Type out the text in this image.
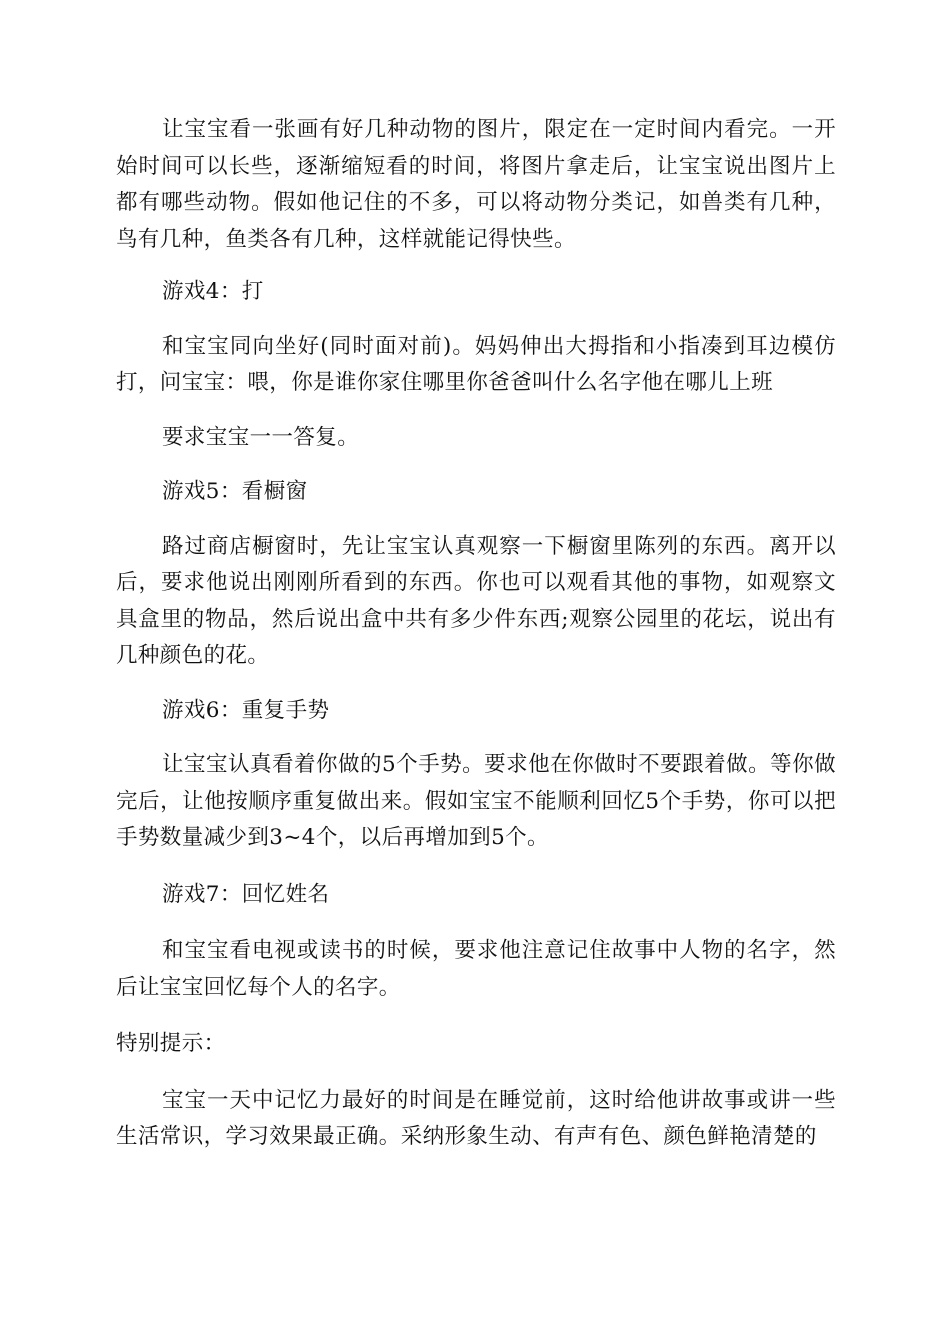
让宝宝看一张画有好几种动物的图片，限定在一定时间内看完。一开始时间可以长些，逐渐缩短看的时间，将图片拿走后，让宝宝说出图片上都有哪些动物。假如他记住的不多，可以将动物分类记，如兽类有几种，鸟有几种，鱼类各有几种，这样就能记得快些。

游戏4：打

和宝宝同向坐好(同时面对前)。妈妈伸出大拇指和小指凑到耳边模仿打，问宝宝：喂，你是谁你家住哪里你爸爸叫什么名字他在哪儿上班

要求宝宝一一答复。

游戏5：看橱窗

路过商店橱窗时，先让宝宝认真观察一下橱窗里陈列的东西。离开以后，要求他说出刚刚所看到的东西。你也可以观看其他的事物，如观察文具盒里的物品，然后说出盒中共有多少件东西;观察公园里的花坛，说出有几种颜色的花。

游戏6：重复手势

让宝宝认真看着你做的5个手势。要求他在你做时不要跟着做。等你做完后，让他按顺序重复做出来。假如宝宝不能顺利回忆5个手势，你可以把手势数量减少到3~4个，以后再增加到5个。

游戏7：回忆姓名

和宝宝看电视或读书的时候，要求他注意记住故事中人物的名字，然后让宝宝回忆每个人的名字。

特别提示：

宝宝一天中记忆力最好的时间是在睡觉前，这时给他讲故事或讲一些生活常识，学习效果最正确。采纳形象生动、有声有色、颜色鲜艳清楚的
